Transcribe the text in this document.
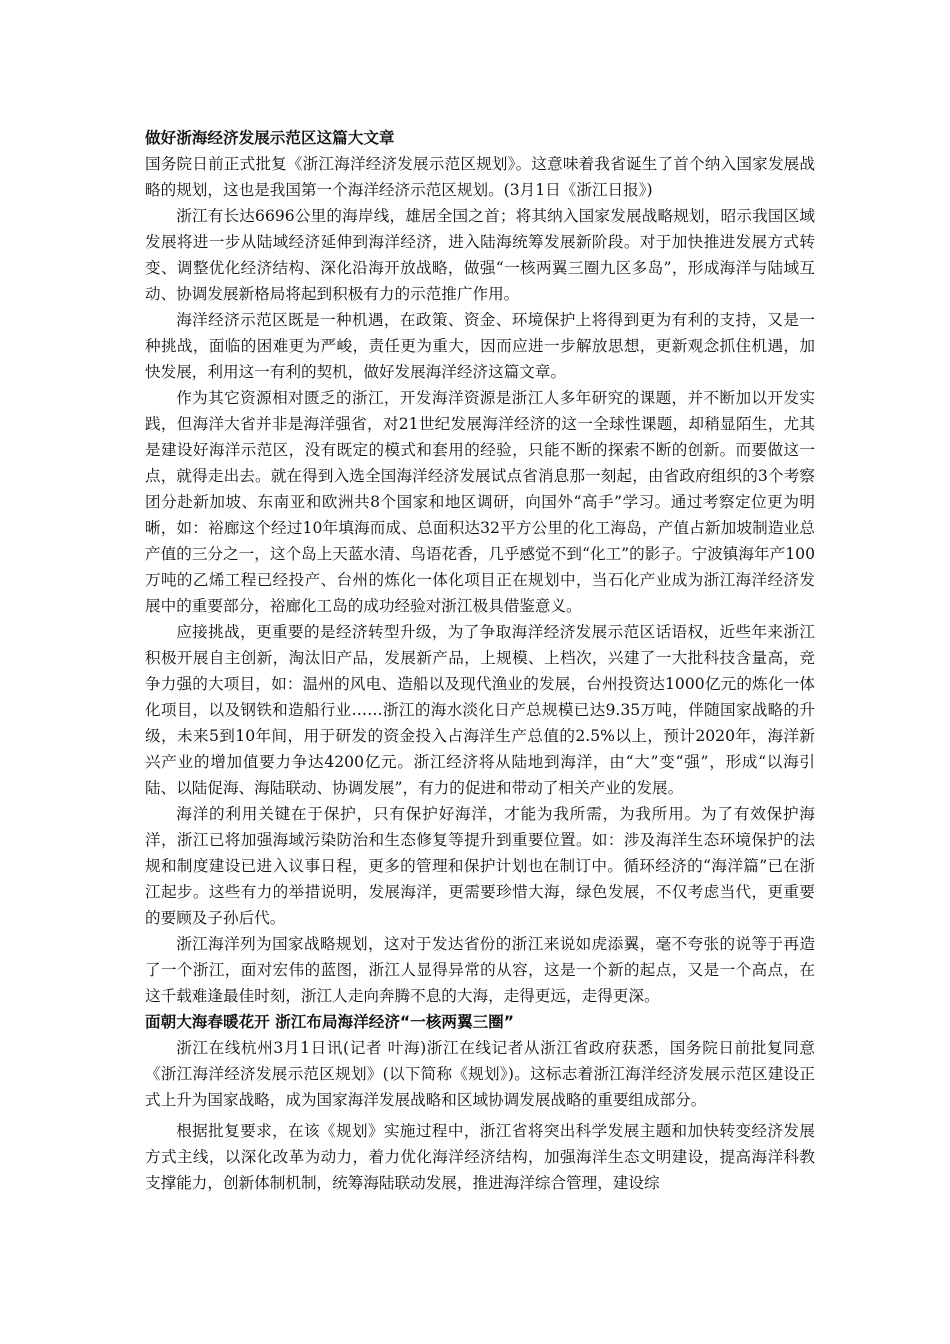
做好浙海经济发展示范区这篇大文章

国务院日前正式批复《浙江海洋经济发展示范区规划》。这意味着我省诞生了首个纳入国家发展战略的规划，这也是我国第一个海洋经济示范区规划。(3月1日《浙江日报》)

浙江有长达6696公里的海岸线，雄居全国之首；将其纳入国家发展战略规划，昭示我国区域发展将进一步从陆域经济延伸到海洋经济，进入陆海统筹发展新阶段。对于加快推进发展方式转变、调整优化经济结构、深化沿海开放战略，做强“一核两翼三圈九区多岛”，形成海洋与陆域互动、协调发展新格局将起到积极有力的示范推广作用。

海洋经济示范区既是一种机遇，在政策、资金、环境保护上将得到更为有利的支持，又是一种挑战，面临的困难更为严峻，责任更为重大，因而应进一步解放思想，更新观念抓住机遇，加快发展，利用这一有利的契机，做好发展海洋经济这篇文章。

作为其它资源相对匮乏的浙江，开发海洋资源是浙江人多年研究的课题，并不断加以开发实践，但海洋大省并非是海洋强省，对21世纪发展海洋经济的这一全球性课题，却稍显陌生，尤其是建设好海洋示范区，没有既定的模式和套用的经验，只能不断的探索不断的创新。而要做这一点，就得走出去。就在得到入选全国海洋经济发展试点省消息那一刻起，由省政府组织的3个考察团分赴新加坡、东南亚和欧洲共8个国家和地区调研，向国外“高手”学习。通过考察定位更为明晰，如：裕廊这个经过10年填海而成、总面积达32平方公里的化工海岛，产值占新加坡制造业总产值的三分之一，这个岛上天蓝水清、鸟语花香，几乎感觉不到“化工”的影子。宁波镇海年产100万吨的乙烯工程已经投产、台州的炼化一体化项目正在规划中，当石化产业成为浙江海洋经济发展中的重要部分，裕廊化工岛的成功经验对浙江极具借鉴意义。

应接挑战，更重要的是经济转型升级，为了争取海洋经济发展示范区话语权，近些年来浙江积极开展自主创新，淘汰旧产品，发展新产品，上规模、上档次，兴建了一大批科技含量高，竞争力强的大项目，如：温州的风电、造船以及现代渔业的发展，台州投资达1000亿元的炼化一体化项目，以及钢铁和造船行业……浙江的海水淡化日产总规模已达9.35万吨，伴随国家战略的升级，未来5到10年间，用于研发的资金投入占海洋生产总值的2.5%以上，预计2020年，海洋新兴产业的增加值要力争达4200亿元。浙江经济将从陆地到海洋，由“大”变“强”，形成“以海引陆、以陆促海、海陆联动、协调发展”，有力的促进和带动了相关产业的发展。

海洋的利用关键在于保护，只有保护好海洋，才能为我所需，为我所用。为了有效保护海洋，浙江已将加强海域污染防治和生态修复等提升到重要位置。如：涉及海洋生态环境保护的法规和制度建设已进入议事日程，更多的管理和保护计划也在制订中。循环经济的“海洋篇”已在浙江起步。这些有力的举措说明，发展海洋，更需要珍惜大海，绿色发展，不仅考虑当代，更重要的要顾及子孙后代。

浙江海洋列为国家战略规划，这对于发达省份的浙江来说如虎添翼，毫不夸张的说等于再造了一个浙江，面对宏伟的蓝图，浙江人显得异常的从容，这是一个新的起点，又是一个高点，在这千载难逢最佳时刻，浙江人走向奔腾不息的大海，走得更远，走得更深。

面朝大海春暖花开 浙江布局海洋经济“一核两翼三圈”

浙江在线杭州3月1日讯(记者 叶海)浙江在线记者从浙江省政府获悉，国务院日前批复同意《浙江海洋经济发展示范区规划》(以下简称《规划》)。这标志着浙江海洋经济发展示范区建设正式上升为国家战略，成为国家海洋发展战略和区域协调发展战略的重要组成部分。

根据批复要求，在该《规划》实施过程中，浙江省将突出科学发展主题和加快转变经济发展方式主线，以深化改革为动力，着力优化海洋经济结构，加强海洋生态文明建设，提高海洋科教支撑能力，创新体制机制，统筹海陆联动发展，推进海洋综合管理，建设综
